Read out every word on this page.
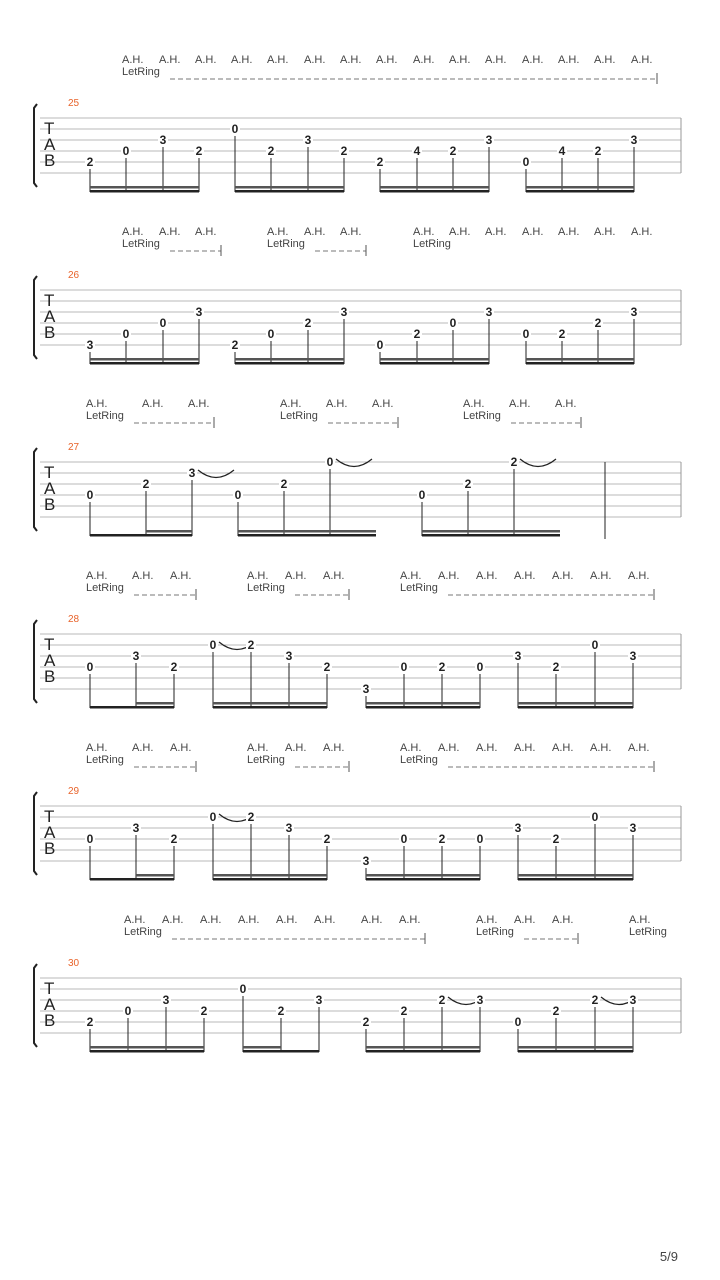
A.H. A.H. A.H. A.H. A.H. A.H. A.H. A.H. A.H. A.H. A.H. A.H. A.H. A.H. A.H.
LetRing
25
T
A
B	2
0
3
2
0
2
3
2
2
4 2
3
0
4 2
3
A.H. A.H. A.H.	A.H. A.H. A.H.	A.H. A.H. A.H. A.H. A.H. A.H. A.H.
LetRing	LetRing	LetRing
26
T
A
B
3
0
0
3
2
0
2
3
0
2
0
3
0 2
2
3
A.H.	A.H. A.H.	A.H. A.H. A.H.	A.H. A.H. A.H.
LetRing	LetRing	LetRing
27
T
A
B	0
2
3
0
2
0
0
2
2
A.H. A.H. A.H.	A.H. A.H. A.H.	A.H. A.H. A.H. A.H. A.H. A.H. A.H.
LetRing	LetRing	LetRing
28
T
A
B	0
3
2
0	2
3
2
3
0	2	0
3
2
0
3
A.H. A.H. A.H.	A.H. A.H. A.H.	A.H. A.H. A.H. A.H. A.H. A.H. A.H.
LetRing	LetRing	LetRing
29
T
A
B	0
3
2
0	2
3
2
3
0	2	0
3
2
0
3
A.H. A.H. A.H. A.H. A.H. A.H. A.H. A.H.	A.H. A.H. A.H.	A.H.
LetRing	LetRing	LetRing
30
T
A
B	2
0
3
2
0
2
3
2
2
2	3
0
2
2	3
5/9
